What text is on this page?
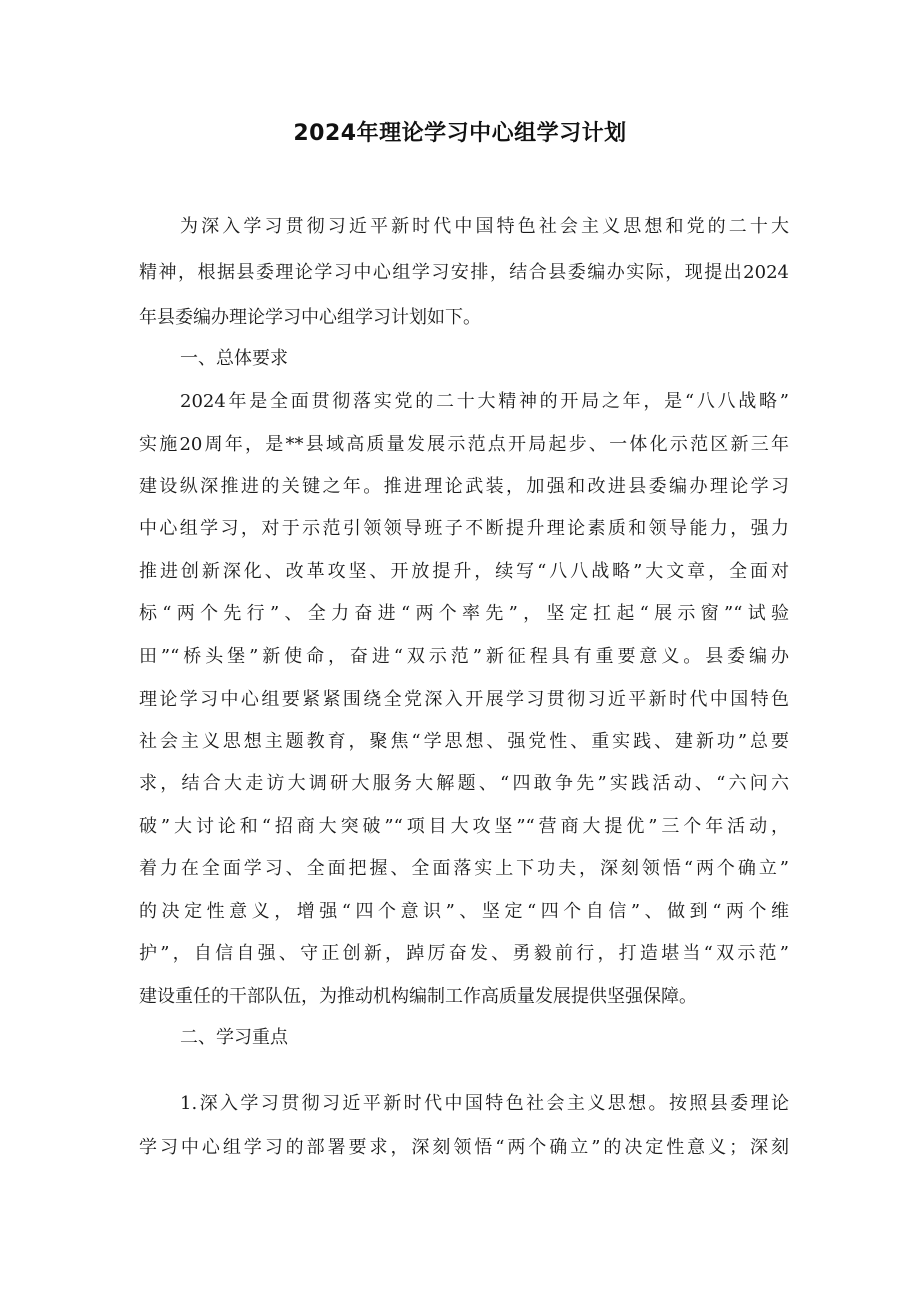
2024年理论学习中心组学习计划

为深入学习贯彻习近平新时代中国特色社会主义思想和党的二十大

精神，根据县委理论学习中心组学习安排，结合县委编办实际，现提出2024

年县委编办理论学习中心组学习计划如下。

一、总体要求

2024年是全面贯彻落实党的二十大精神的开局之年，是“八八战略”

实施20周年，是**县域高质量发展示范点开局起步、一体化示范区新三年

建设纵深推进的关键之年。推进理论武装，加强和改进县委编办理论学习

中心组学习，对于示范引领领导班子不断提升理论素质和领导能力，强力

推进创新深化、改革攻坚、开放提升，续写“八八战略”大文章，全面对

标“两个先行”、全力奋进“两个率先”，坚定扛起“展示窗”“试验

田”“桥头堡”新使命，奋进“双示范”新征程具有重要意义。县委编办

理论学习中心组要紧紧围绕全党深入开展学习贯彻习近平新时代中国特色

社会主义思想主题教育，聚焦“学思想、强党性、重实践、建新功”总要

求，结合大走访大调研大服务大解题、“四敢争先”实践活动、“六问六

破”大讨论和“招商大突破”“项目大攻坚”“营商大提优”三个年活动，

着力在全面学习、全面把握、全面落实上下功夫，深刻领悟“两个确立”

的决定性意义，增强“四个意识”、坚定“四个自信”、做到“两个维

护”，自信自强、守正创新，踔厉奋发、勇毅前行，打造堪当“双示范”

建设重任的干部队伍，为推动机构编制工作高质量发展提供坚强保障。

二、学习重点

1.深入学习贯彻习近平新时代中国特色社会主义思想。按照县委理论

学习中心组学习的部署要求，深刻领悟“两个确立”的决定性意义；深刻
